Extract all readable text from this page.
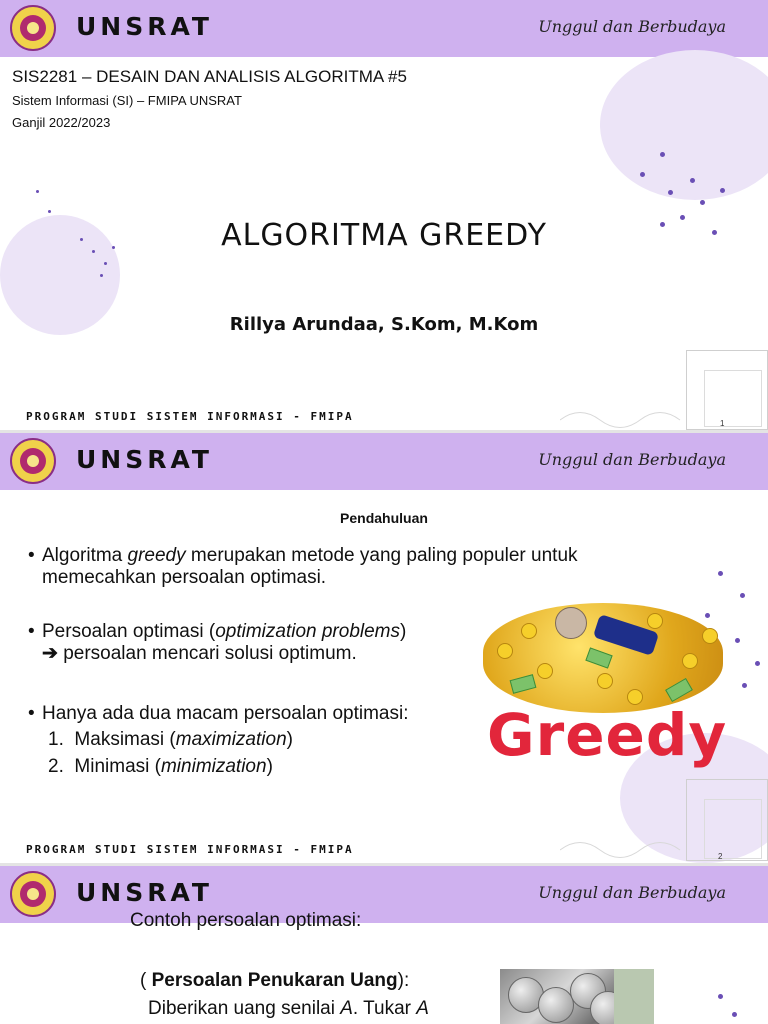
UNSRAT	Unggul dan Berbudaya
SIS2281 – DESAIN DAN ANALISIS ALGORITMA #5
Sistem Informasi (SI) – FMIPA UNSRAT
Ganjil 2022/2023
ALGORITMA GREEDY
Rillya Arundaa, S.Kom, M.Kom
PROGRAM STUDI SISTEM INFORMASI - FMIPA
1
UNSRAT	Unggul dan Berbudaya
Pendahuluan
• Algoritma greedy merupakan metode yang paling populer untuk
memecahkan persoalan optimasi.
• Persoalan optimasi (optimization problems)
➔ persoalan mencari solusi optimum.
• Hanya ada dua macam persoalan optimasi:
1. Maksimasi (maximization)
2. Minimasi (minimization)	Greedy
PROGRAM STUDI SISTEM INFORMASI - FMIPA
2
UNSRAT	Unggul dan Berbudaya
Contoh persoalan optimasi:
( Persoalan Penukaran Uang):
Diberikan uang senilai A. Tukar A
